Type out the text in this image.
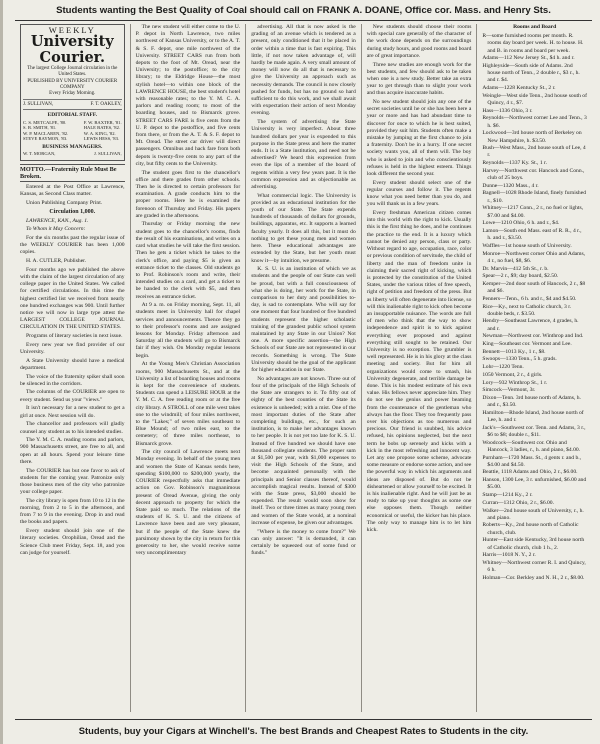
Students wanting the Best Quality of Coal should call on FRANK A. DOANE, Office cor. Mass. and Henry Sts.
WEEKLY
University Courier.
The largest College Journal circulation in the United States.
PUBLISHED BY UNIVERSITY COURIER COMPANY
Every Friday Morning.
J. SULLIVAN,	F. T. OAKLEY,
EDITORIAL STAFF.
C. S. METCALFE, '80.
S. B. SMITH, '81.
W. P. MACLAREN, '82.
STEVE RAYMON, '83.
F. W. BAXTER, '81.
HALE BATES, '82.
W. A. KING, '82.
LEWIS HESS, '83.
BUSINESS MANAGERS.
W. T. MORGAN,	J. SULLIVAN,
MOTTO.—Fraternity Rule Must Be Broken.

Entered at the Post Office at Lawrence, Kansas, as Second Class matter.

Union Publishing Company Print.

Circulation 1,000.

LAWRENCE, KAN., Aug. 1.

To Whom it May Concern:

For the six months past the regular issue of the WEEKLY COURIER has been 1,000 copies.

H. A. CUTLER, Publisher.

Four months ago we published the above with the claim of the largest circulation of any college paper in the United States. We called for certified circulations. In this time the highest certified list we received from nearly one hundred exchanges was 900. Until further notice we will now in large type attest the LARGEST COLLEGE JOURNAL CIRCULATION IN THE UNITED STATES.

Programs of literary societies in next issue.

Every new year we find provider of our University.

A State University should have a medical department.

The voice of the fraternity spiker shall soon be silenced in the corridors.

The columns of the COURIER are open to every student. Send us your "views."

It isn't necessary for a new student to get a girl at once. Next session will do.

The chancellor and professors will gladly counsel any student as to his intended studies.

The Y. M. C. A. reading rooms and parlors, 900 Massachusetts street, are free to all, and open at all hours. Spend your leisure time there.

The COURIER has but one favor to ask of students for the coming year. Patronize only those business men of the city who patronize your college paper.

The city library is open from 10 to 12 in the morning, from 2 to 5 in the afternoon, and from 7 to 9 in the evening. Drop in and read the books and papers.

Every student should join one of the literary societies. Orophilian, Oread and the Science Club meet Friday, Sept. 18, and you can judge for yourself.

The new student will either come to the U. P. depot in North Lawrence, two miles northwest of Kansas University, or to the A. T. & S. F. depot, one mile northwest of the University. STREET CARS run from both depots to the foot of Mt. Oread, near the University; to the postoffice; to the city library; to the Eldridge House—the most stylish hotel—to within one block of the LAWRENCE HOUSE, the best student's hotel with reasonable rates; to the Y. M. C. A. parlors and reading room; to most of the boarding houses, and to Bismarck grove. STREET CARS FARE is five cents from the U. P. depot to the postoffice, and five cents from there, or from the A. T. & S. F. depot to Mt. Oread. The street car driver will direct passengers. Omnibus and hack fare from both depots is twenty-five cents to any part of the city, but fifty cents to the University.

The student goes first to the chancellor's office and there grades from other schools. Then he is directed to certain professors for examination. A grade conducts him to the proper rooms. Here he is examined the forenoon of Thursday and Friday. His papers are graded in the afternoons.

Thursday or Friday morning the new student goes to the chancellor's rooms, finds the result of his examinations, and writes on a card what studies he will take the first session. Then he gets a ticket which he takes to the clerk's office, and paying $5 is given an entrance ticket to the classes. Old students go to Prof. Robinson's room and write, their intended studies on a card, and get a ticket to be handed to the clerk with $5, and then receives an entrance ticket.

At 9 a. m. on Friday morning, Sept. 11, all students meet in University hall for chapel services and announcements. Thence they go to their professor's rooms and are assigned lessons for Monday. Friday afternoon and Saturday all the students will go to Bismarck fair if they wish. On Monday regular lessons begin.

At the Young Men's Christian Association rooms, 900 Massachusetts St., and at the University a list of boarding houses and rooms is kept for the convenience of students. Students can spend a LEISURE HOUR at the Y. M. C. A. free reading room or at the free city library. A STROLL of one mile west takes one to the windmill; of four miles northwest, to the "Lakes;" of seven miles southeast to Blue Mound; of two miles east, to the cemetery; of three miles northeast, to Bismarck grove.

The city council of Lawrence meets next Monday evening. In behalf of the young men and women the State of Kansas sends here, spending $100,000 to $200,000 yearly, the COURIER respectfully asks that immediate action on Gov. Robinson's magnanimous present of Oread Avenue, giving the only decent approach to property for which the State paid so much. The relations of the students of K. S. U. and the citizens of Lawrence have been and are very pleasant, but if the people of the State knew the parsimony shown by the city in return for this generosity to her, she would receive some very uncomplimentary

advertising. All that is now asked is the grading of an avenue which is tendered as a present, only conditioned that it be placed in order within a time that is fast expiring. This little, if not now taken advantage of, will hardly be made again. A very small amount of money will now do all that is necessary to give the University an approach such as necessity demands. The council is now closely pushed for funds, but has no ground so hard sufficient to do this work, and we shall await with expectation their action of next Monday evening.

The system of advertising the State University is very imperfect. About three hundred dollars per year is expended to this purpose in the State press and here the matter ends. It is a State institution, and need not be advertised? We heard this expression from even the lips of a member of the board of regents within a very few years past. It is the common expression and as objectionable as advertising.

What commercial logic. The University is provided as an educational institution for the youth of our State. The State expends hundreds of thousands of dollars for grounds, buildings, apparatus, etc. It supports a learned faculty yearly. It does all this, but it must do nothing to get these young men and women here. These educational advantages are extended by the State, but her youth must know it—by intuition, we presume.

K. S. U. is an institution of which we as students and the people of our State can well be proud, but with a full consciousness of what she is doing, her work for the State, in comparison to her duty and possibilities to-day, is sad to contemplate. Who will say for one moment that four hundred or five hundred students represent the higher scholastic training of the grandest public school system maintained by any State in our Union? Not one. A more specific assertion—the High Schools of our State are not represented in our records. Something is wrong. The State University should be the goal of the applicant for higher education in our State.

No advantages are not known. Three out of four of the principals of the High Schools of the State are strangers to it. To fifty out of eighty of the best counties of the State its existence is unheeded; with a mist. One of the most important duties of the State after completing buildings, etc., for such an institution, is to make her advantages known to her people. It is not yet too late for K. S. U. Instead of five hundred we should have one thousand collegiate students. The proper sum at $1,500 per year, with $1,000 expenses to visit the High Schools of the State, and become acquainted personally with the principals and Senior classes thereof, would accomplish magical results. Instead of $300 with the State press, $3,000 should be expended. The result would soon show for itself. Two or three times as many young men and women of the State would, at a nominal increase of expense, be given our advantages.

"Where is the money to come from?" We can only answer: "It is demanded, it can certainly be squeezed out of some fund or funds."

New students should choose their rooms with special care generally of the character of the work done depends on the surroundings during study hours, and good rooms and board are of great importance.

Three new studies are enough work for the best students, and few should ask to be taken when one is a new study. Better take an extra year to get through than to slight your work and thus acquire inaccurate habits.

No new student should join any one of the secret societies until he or she has been here a year or more and has had abundant time to discover for once to which he is best suited, provided they suit him. Students often make a mistake by jumping at the first chance to join a fraternity. Don't be in a hurry. If one secret society wants you, all of them will. The boy who is asked to join and who conscientiously refuses is held in the highest esteem. Things look different the second year.

Every student should select one of the regular courses and follow it. The regents know what you need better than you do, and you will thank us in a few years.

Every freshman American citizen comes into this world with the right to kick. Usually this is the first thing he does, and he continues the practice to the end. It is a luxury which cannot be denied any person, class or party. Without regard to age, occupation, race, color or previous condition of servitude, the child of liberty and the man of freedom unite in claiming their sacred right of kicking, which is protected by the constitution of the United States, under the various titles of free speech, right of petition and freedom of the press. But as liberty will often degenerate into license, so will this inalienable right to kick often become an insupportable nuisance. The words are full of men who think that the way to show independence and spirit is to kick against everything ever proposed and against everything still sought to be retained. Our University is no exception. The grumbler is well represented. He is in his glory at the class meeting and society. But for him all organizations would come to smash, his University degenerate, and terrible damage be done. This is his modest estimate of his own value. His fellows never appreciate him. They do not see the genius and power beaming from the countenance of the gentleman who always has the floor. They too frequently pass over his objections as too numerous and precious. Our friend is snubbed, his advice refused, his opinions neglected, but the next term he bobs up serenely and kicks with a kick in the most refreshing and innocent way. Let any one propose some scheme, advocate some measure or endorse some action, and see the powerful way in which his arguments and ideas are disposed of. But do not be disheartened or allow yourself to be excited. It is his inalienable right. And he will just be as ready to take up your thoughts as some one else opposes them. Though neither economical or useful, the kicker has his place. The only way to manage him is to let him kick.

Rooms and Board

R—some furnished rooms per month. R. rooms day board per week. H. to house. H. and B. in rooms and board per week.

Adams—112 New Jersey St., $4 h. and r.

Highleyside—South side of Adams. 2nd house north of Tenn., 2 double r., $3 r., h. and r. $4.

Adams—1228 Kentucky St., 2 r.

Weingle—West side Tenn., 2nd house south of Quincy, 4 r., $7.

Hass—1336 Ohio, 3 r.

Reynolds—Northwest corner Lee and Tenn., 3 h. $6.

Lockwood—3rd house north of Berkeley on New Hampshire, h. $3.50.

Bush—West Mass., 2nd house south of Lee, 4 r.

Reynolds—1337 Ky. St., 1 r.

Harvey—Northwest cor. Hancock and Conn., club of 25 boys.

Dunne—1320 Mass., 4 r.

Bagnell—1028 Rhode Island, finely furnished r., $10.

Whitney—1217 Conn., 2 r., no fuel or lights, $7.00 and $4.00.

Lowe—1210 Ohio, 6 h. and r., $4.

Lamon—South end Mass. east of R. R., 4 r., h. and r., $3.50.

Waffles—1st house south of University.

Monroe—Northwest corner Ohio and Adams, 4 r., no fuel, $8, $6.

Dr. Marvin—412 5th St., r. b.

Spear—2 r., $9; day board, $2.50.

Kemper—2nd door south of Hancock, 2 r., $8 and $6.

Penners—Tenn., 6 h. and r., $4 and $4.50.

Rice—Ky., next to Catholic church, 3 r. double beds, r. $3.50.

Hendry—Southeast Lawrence, 4 grades, h. and r.

Newman—Northwest cor. Winthrop and Ind.

King—Southeast cor. Vermont and Lee.

Bennett—1013 Ky., 1 r., $8.

Swoops—1330 Tenn., 5 h. grads.

Lohr—1220 Tenn.

1050 Vermont, 2 r., 4 girls.

Lory—932 Winthrop St., 1 r.

Simcock—Vermont, 3r.

Dixon—Tenn. 3rd house north of Adams, h. and r., $3.50.

Hamilton—Rhode Island, 2nd house north of Lee, h. and r.

Jack's—Southwest cor. Tenn. and Adams, 3 r., $6 to $8; double r., $11.

Woodcock—Southwest cor. Ohio and Hancock, 3 ladies, r., h. and piano, $4.00.

Purnham—1720 Mass. St., 4 gents r. and b., $4.00 and $4.50.

Beattie, 1118 Adams and Ohio, 2 r., $6.00.

Hanson, 1300 Lee, 3 r. unfurnished, $6.00 and $5.00.

Stamp—1214 Ky., 2 r.

Curran—1312 Ohio, 2 r., $6.00.

Walker—2nd house south of University, r., h. and piano.

Roberts—Ky., 2nd house north of Catholic church, club.

Hunter—East side Kentucky, 3rd house north of Catholic church, club 1 h., 2.

Harris—1018 N. Y., 2 r.

Whitney—Northwest corner R. I. and Quincy, 6 h.

Holman—Cor. Berkley and N. H., 2 r., $8.00.

Students, buy your Cigars at Winchell's. The best Brands and Cheapest Rates to Students in the city.
